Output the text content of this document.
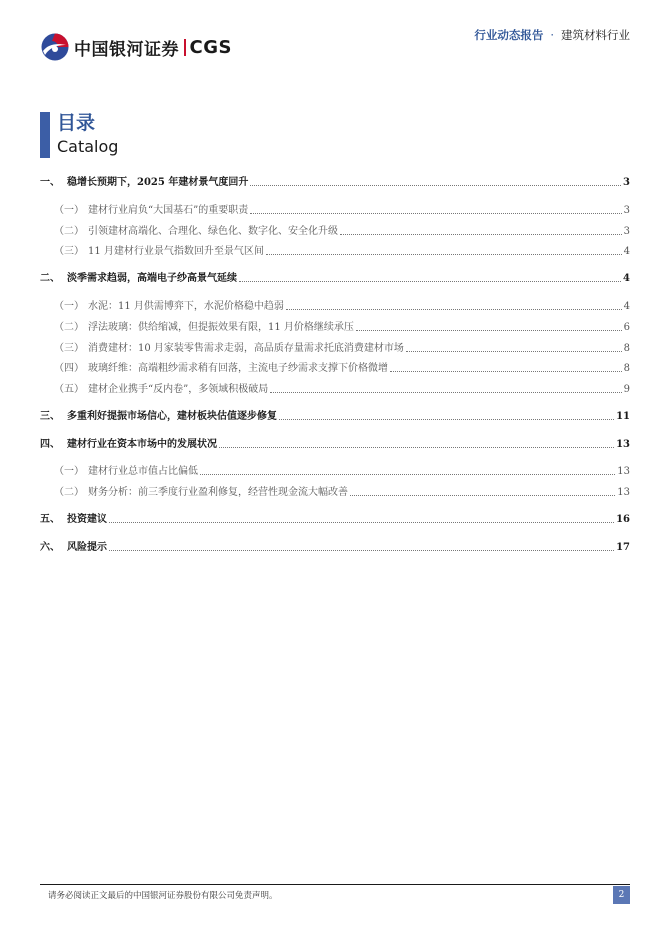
中国银河证券 CGS
行业动态报告 · 建筑材料行业
目录
Catalog
一、 稳增长预期下，2025 年建材景气度回升	3
（一） 建材行业肩负“大国基石”的重要职责	3
（二） 引领建材高端化、合理化、绿色化、数字化、安全化升级	3
（三） 11 月建材行业景气指数回升至景气区间	4
二、 淡季需求趋弱，高端电子纱高景气延续	4
（一） 水泥：11 月供需博弈下，水泥价格稳中趋弱	4
（二） 浮法玻璃：供给缩减，但提振效果有限，11 月价格继续承压	6
（三） 消费建材：10 月家装零售需求走弱，高品质存量需求托底消费建材市场	8
（四） 玻璃纤维：高端粗纱需求稍有回落，主流电子纱需求支撑下价格微增	8
（五） 建材企业携手“反内卷”，多领域积极破局	9
三、 多重利好提振市场信心，建材板块估值逐步修复	11
四、 建材行业在资本市场中的发展状况	13
（一） 建材行业总市值占比偏低	13
（二） 财务分析：前三季度行业盈利修复，经营性现金流大幅改善	13
五、 投资建议	16
六、 风险提示	17
请务必阅读正文最后的中国银河证券股份有限公司免责声明。	2
